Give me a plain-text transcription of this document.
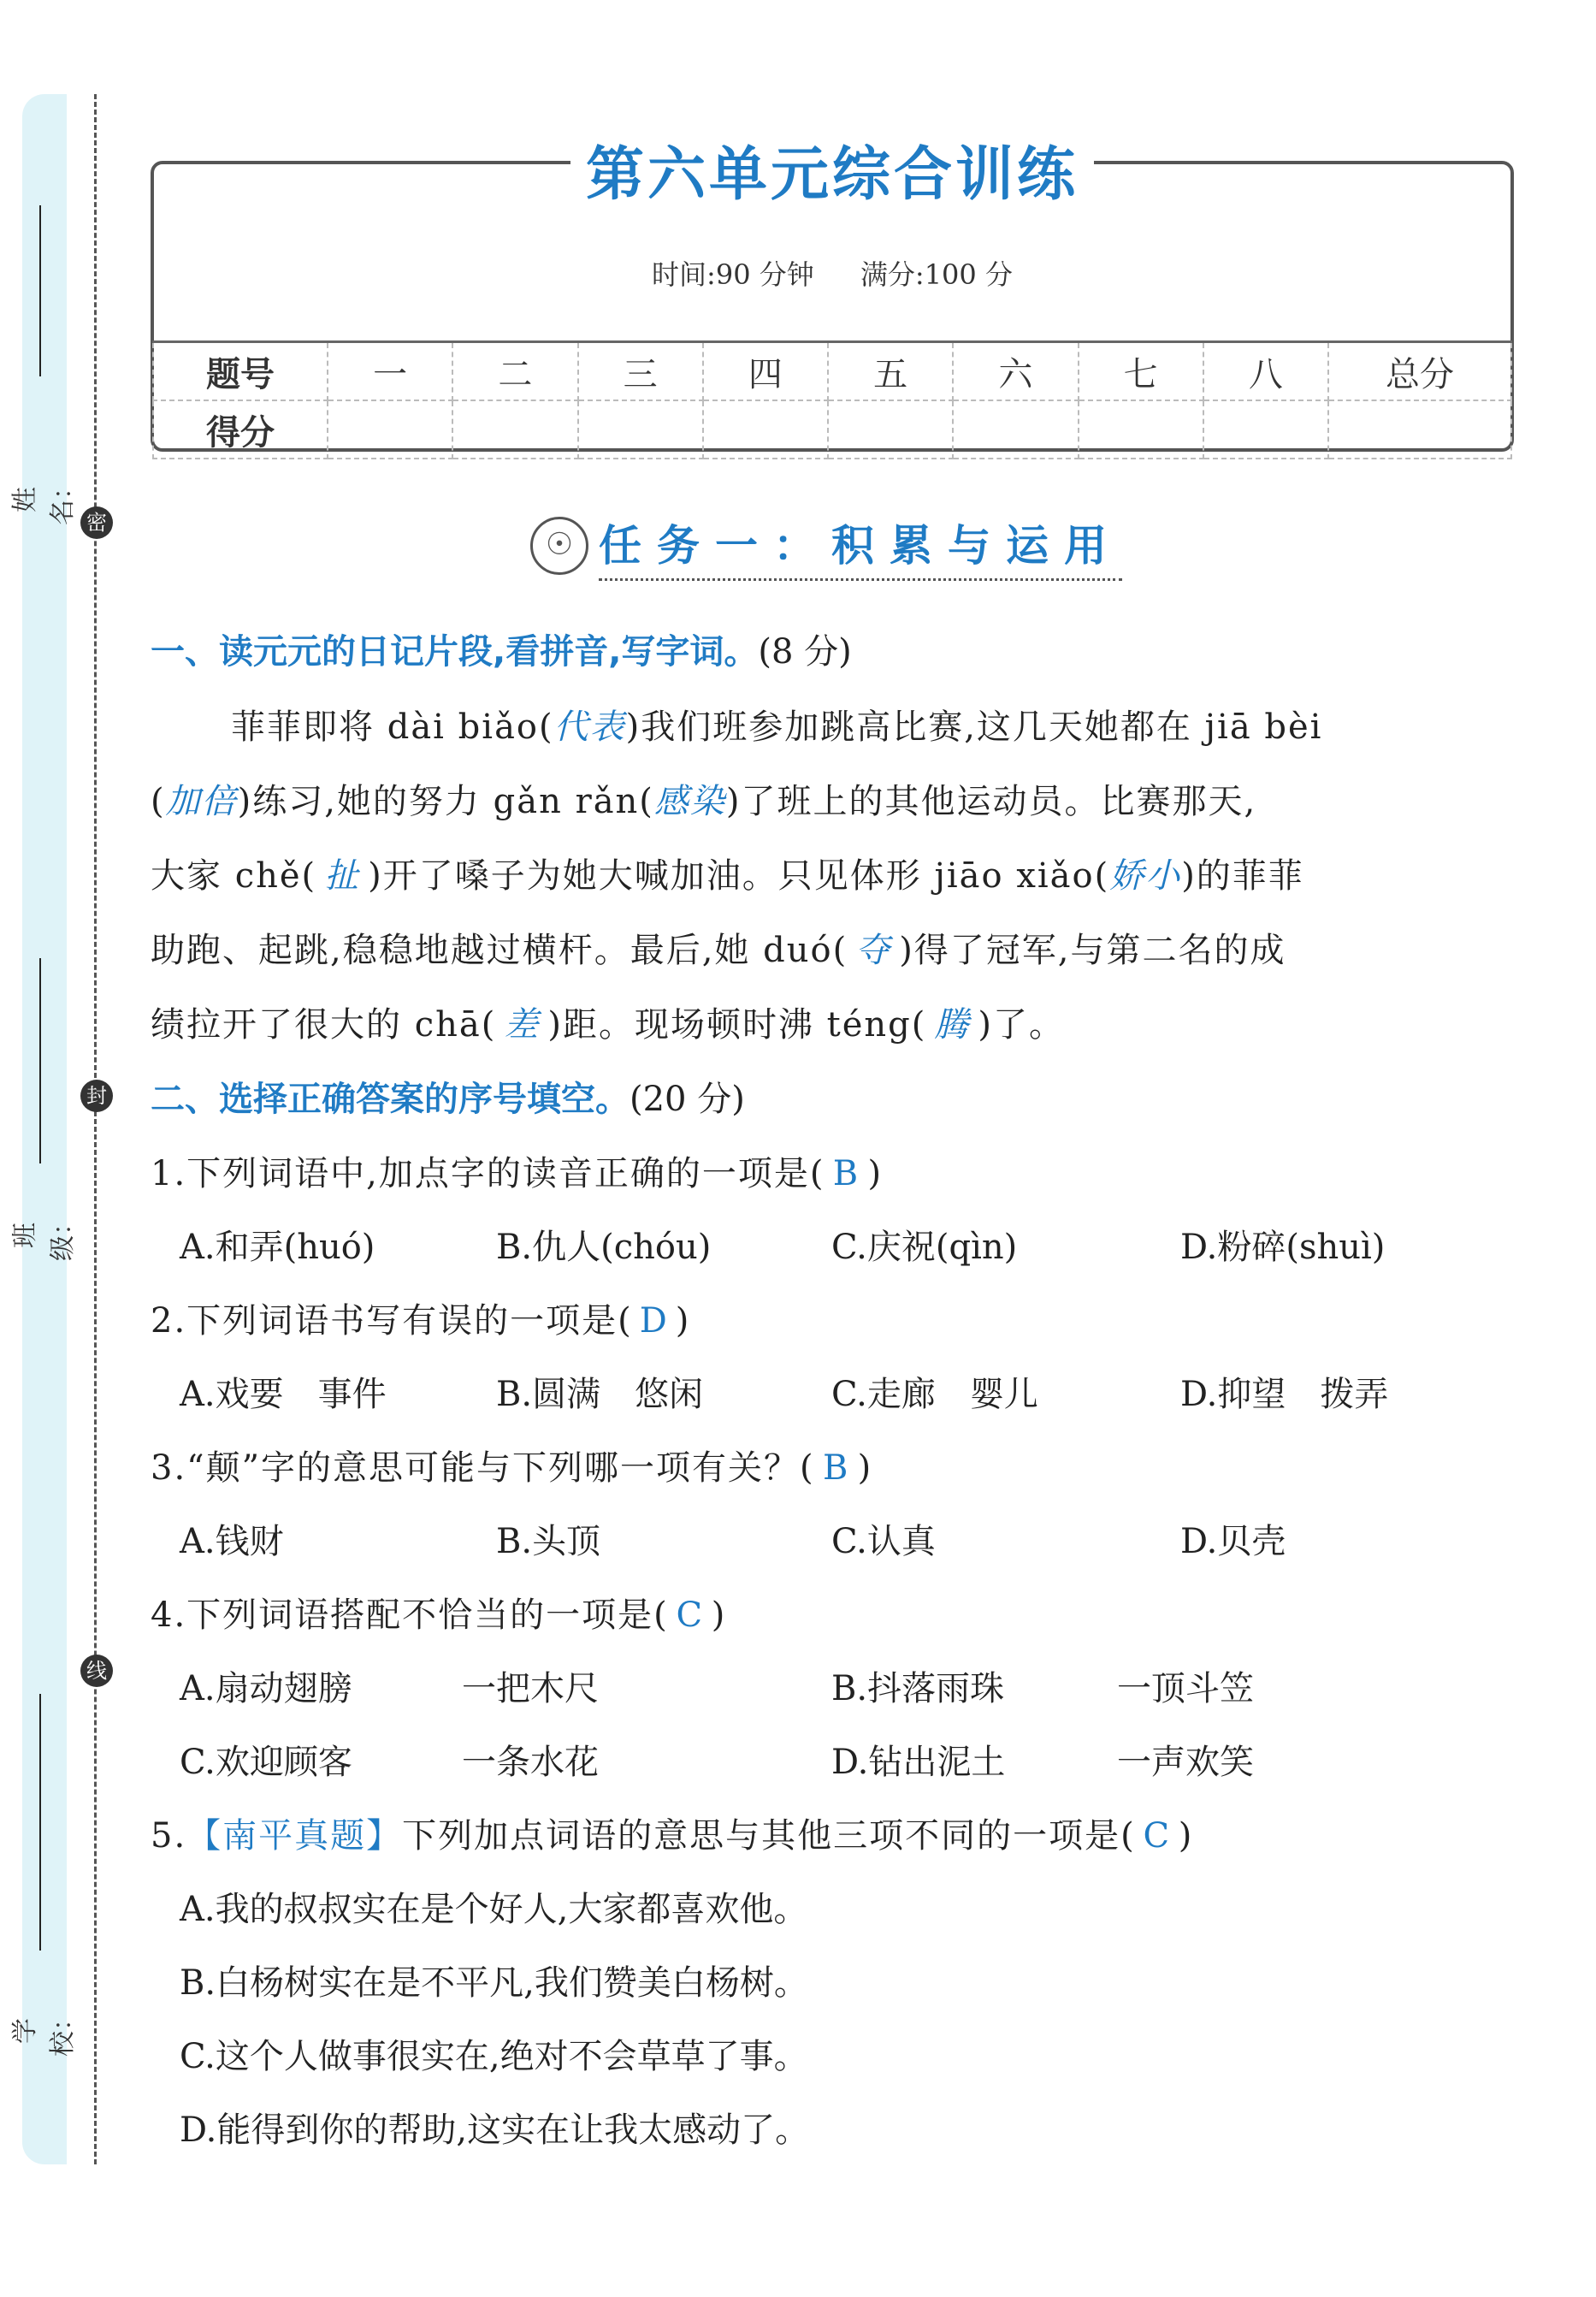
姓名：
班级：
学校：
密
封
线
第六单元综合训练
时间:90 分钟 满分:100 分
题号	一	二	三	四	五	六	七	八	总分
得分									
☉ 任务一：积累与运用
一、读元元的日记片段,看拼音,写字词。(8 分)
菲菲即将 dài biǎo(代表)我们班参加跳高比赛,这几天她都在 jiā bèi
(加倍)练习,她的努力 gǎn rǎn(感染)了班上的其他运动员。比赛那天,
大家 chě( 扯 )开了嗓子为她大喊加油。只见体形 jiāo xiǎo(娇小)的菲菲
助跑、起跳,稳稳地越过横杆。最后,她 duó( 夺 )得了冠军,与第二名的成
绩拉开了很大的 chā( 差 )距。现场顿时沸 téng( 腾 )了。
二、选择正确答案的序号填空。(20 分)
1.下列词语中,加点字的读音正确的一项是( B )
A.和弄(huó)	B.仇人(chóu)	C.庆祝(qìn)	D.粉碎(shuì)
2.下列词语书写有误的一项是( D )
A.戏要　事件	B.圆满　悠闲	C.走廊　婴儿	D.抑望　拨弄
3.“颠”字的意思可能与下列哪一项有关？( B )
A.钱财	B.头顶	C.认真	D.贝壳
4.下列词语搭配不恰当的一项是( C )
A.扇动翅膀	一把木尺	B.抖落雨珠	一顶斗笠
C.欢迎顾客	一条水花	D.钻出泥土	一声欢笑
5.【南平真题】下列加点词语的意思与其他三项不同的一项是( C )
A.我的叔叔实在是个好人,大家都喜欢他。
B.白杨树实在是不平凡,我们赞美白杨树。
C.这个人做事很实在,绝对不会草草了事。
D.能得到你的帮助,这实在让我太感动了。
